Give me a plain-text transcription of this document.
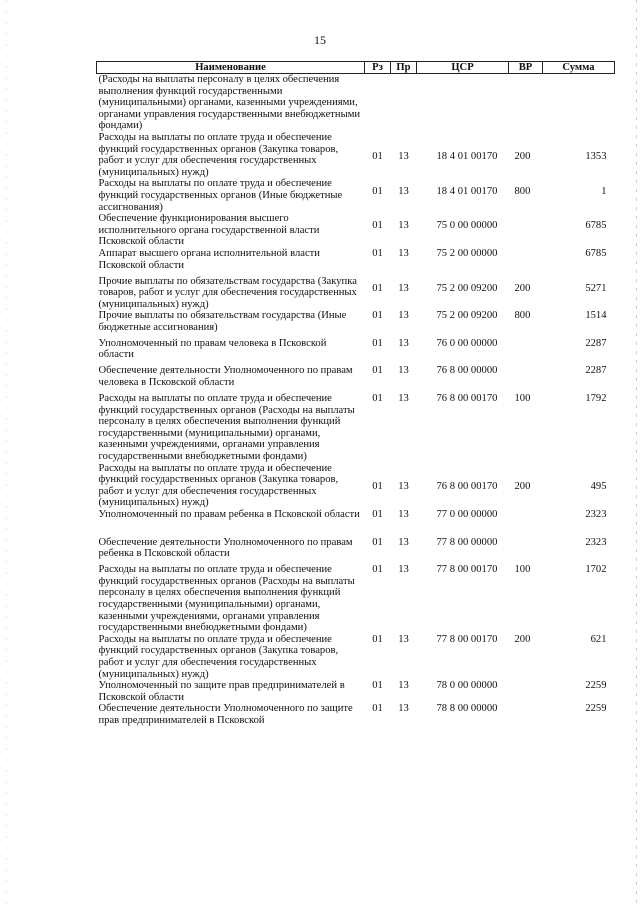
15
Наименование	Рз	Пр	ЦСР	ВР	Сумма
(Расходы на выплаты персоналу в целях обеспечения выполнения функций государственными (муниципальными) органами, казенными учреждениями, органами управления государственными внебюджетными фондами)					
Расходы на выплаты по оплате труда и обеспечение функций государственных органов (Закупка товаров, работ и услуг для обеспечения государственных (муниципальных) нужд)	01	13	18 4 01 00170	200	1353
Расходы на выплаты по оплате труда и обеспечение функций государственных органов (Иные бюджетные ассигнования)	01	13	18 4 01 00170	800	1
Обеспечение функционирования высшего исполнительного органа государственной власти Псковской области	01	13	75 0 00 00000		6785
Аппарат высшего органа исполнительной власти Псковской области	01	13	75 2 00 00000		6785
Прочие выплаты по обязательствам государства (Закупка товаров, работ и услуг для обеспечения государственных (муниципальных) нужд)	01	13	75 2 00 09200	200	5271
Прочие выплаты по обязательствам государства (Иные бюджетные ассигнования)	01	13	75 2 00 09200	800	1514
Уполномоченный по правам человека в Псковской области	01	13	76 0 00 00000		2287
Обеспечение деятельности Уполномоченного по правам человека в Псковской области	01	13	76 8 00 00000		2287
Расходы на выплаты по оплате труда и обеспечение функций государственных органов (Расходы на выплаты персоналу в целях обеспечения выполнения функций государственными (муниципальными) органами, казенными учреждениями, органами управления государственными внебюджетными фондами)	01	13	76 8 00 00170	100	1792
Расходы на выплаты по оплате труда и обеспечение функций государственных органов (Закупка товаров, работ и услуг для обеспечения государственных (муниципальных) нужд)	01	13	76 8 00 00170	200	495
Уполномоченный по правам ребенка в Псковской области	01	13	77 0 00 00000		2323
Обеспечение деятельности Уполномоченного по правам ребенка в Псковской области	01	13	77 8 00 00000		2323
Расходы на выплаты по оплате труда и обеспечение функций государственных органов (Расходы на выплаты персоналу в целях обеспечения выполнения функций государственными (муниципальными) органами, казенными учреждениями, органами управления государственными внебюджетными фондами)	01	13	77 8 00 00170	100	1702
Расходы на выплаты по оплате труда и обеспечение функций государственных органов (Закупка товаров, работ и услуг для обеспечения государственных (муниципальных) нужд)	01	13	77 8 00 00170	200	621
Уполномоченный по защите прав предпринимателей в Псковской области	01	13	78 0 00 00000		2259
Обеспечение деятельности Уполномоченного по защите прав предпринимателей в Псковской	01	13	78 8 00 00000		2259
